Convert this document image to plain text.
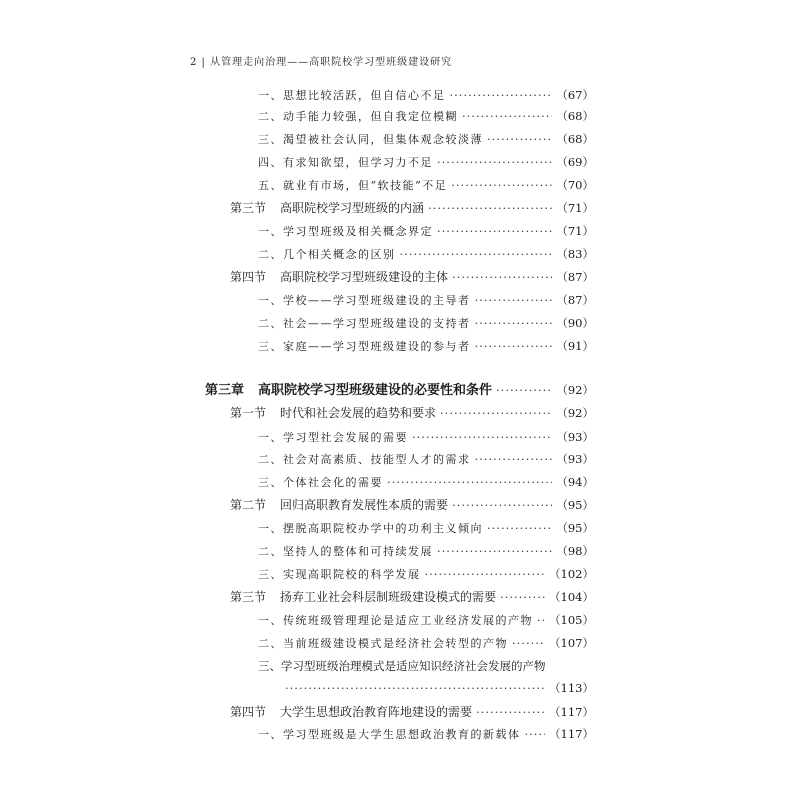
2 | 从管理走向治理——高职院校学习型班级建设研究
一、思想比较活跃，但自信心不足 ·····	（67）
二、动手能力较强，但自我定位模糊 ·····	（68）
三、渴望被社会认同，但集体观念较淡薄 ·····	（68）
四、有求知欲望，但学习力不足 ·····	（69）
五、就业有市场，但“软技能”不足 ·····	（70）
第三节 高职院校学习型班级的内涵 ·····	（71）
一、学习型班级及相关概念界定 ·····	（71）
二、几个相关概念的区别 ·····	（83）
第四节 高职院校学习型班级建设的主体 ·····	（87）
一、学校——学习型班级建设的主导者 ·····	（87）
二、社会——学习型班级建设的支持者 ·····	（90）
三、家庭——学习型班级建设的参与者 ·····	（91）
第三章 高职院校学习型班级建设的必要性和条件 ·····	（92）
第一节 时代和社会发展的趋势和要求 ·····	（92）
一、学习型社会发展的需要 ·····	（93）
二、社会对高素质、技能型人才的需求 ·····	（93）
三、个体社会化的需要 ·····	（94）
第二节 回归高职教育发展性本质的需要 ·····	（95）
一、摆脱高职院校办学中的功利主义倾向 ·····	（95）
二、坚持人的整体和可持续发展 ·····	（98）
三、实现高职院校的科学发展 ·····	（102）
第三节 扬弃工业社会科层制班级建设模式的需要 ·····	（104）
一、传统班级管理理论是适应工业经济发展的产物 ····· （105）
二、当前班级建设模式是经济社会转型的产物 ·····	（107）
三、学习型班级治理模式是适应知识经济社会发展的产物
·····
（113）
第四节 大学生思想政治教育阵地建设的需要 ·····	（117）
一、学习型班级是大学生思想政治教育的新载体 ····· （117）
